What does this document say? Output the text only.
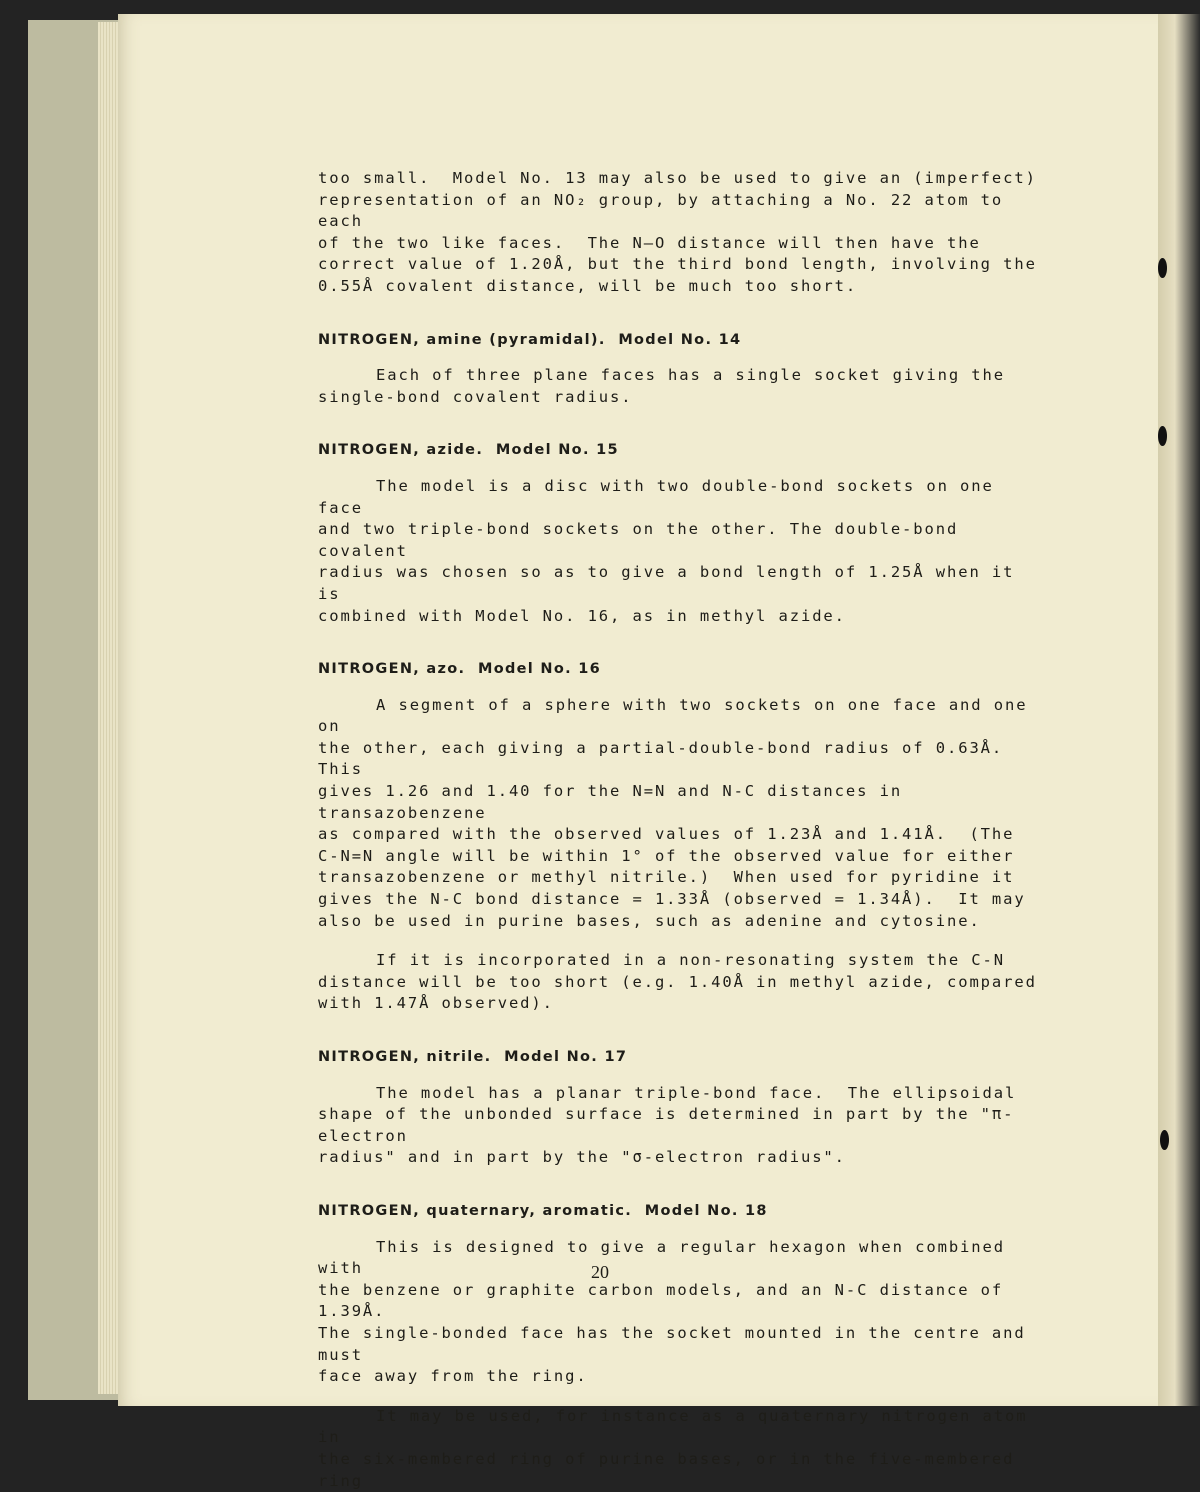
too small.  Model No. 13 may also be used to give an (imperfect)

representation of an NO₂ group, by attaching a No. 22 atom to each

of the two like faces.  The N—O distance will then have the

correct value of 1.20Å, but the third bond length, involving the

0.55Å covalent distance, will be much too short.

NITROGEN, amine (pyramidal).  Model No. 14

Each of three plane faces has a single socket giving the

single-bond covalent radius.

NITROGEN, azide.  Model No. 15

The model is a disc with two double-bond sockets on one face

and two triple-bond sockets on the other. The double-bond covalent

radius was chosen so as to give a bond length of 1.25Å when it is

combined with Model No. 16, as in methyl azide.

NITROGEN, azo.  Model No. 16

A segment of a sphere with two sockets on one face and one on

the other, each giving a partial-double-bond radius of 0.63Å. This

gives 1.26 and 1.40 for the N=N and N-C distances in transazobenzene

as compared with the observed values of 1.23Å and 1.41Å.  (The

C-N=N angle will be within 1° of the observed value for either

transazobenzene or methyl nitrile.)  When used for pyridine it

gives the N-C bond distance = 1.33Å (observed = 1.34Å).  It may

also be used in purine bases, such as adenine and cytosine.

If it is incorporated in a non-resonating system the C-N

distance will be too short (e.g. 1.40Å in methyl azide, compared

with 1.47Å observed).

NITROGEN, nitrile.  Model No. 17

The model has a planar triple-bond face.  The ellipsoidal

shape of the unbonded surface is determined in part by the "π-electron

radius" and in part by the "σ-electron radius".

NITROGEN, quaternary, aromatic.  Model No. 18

This is designed to give a regular hexagon when combined with

the benzene or graphite carbon models, and an N-C distance of 1.39Å.

The single-bonded face has the socket mounted in the centre and must

face away from the ring.

It may be used, for instance as a quaternary nitrogen atom in

the six-membered ring of purine bases, or in the five-membered ring

20
